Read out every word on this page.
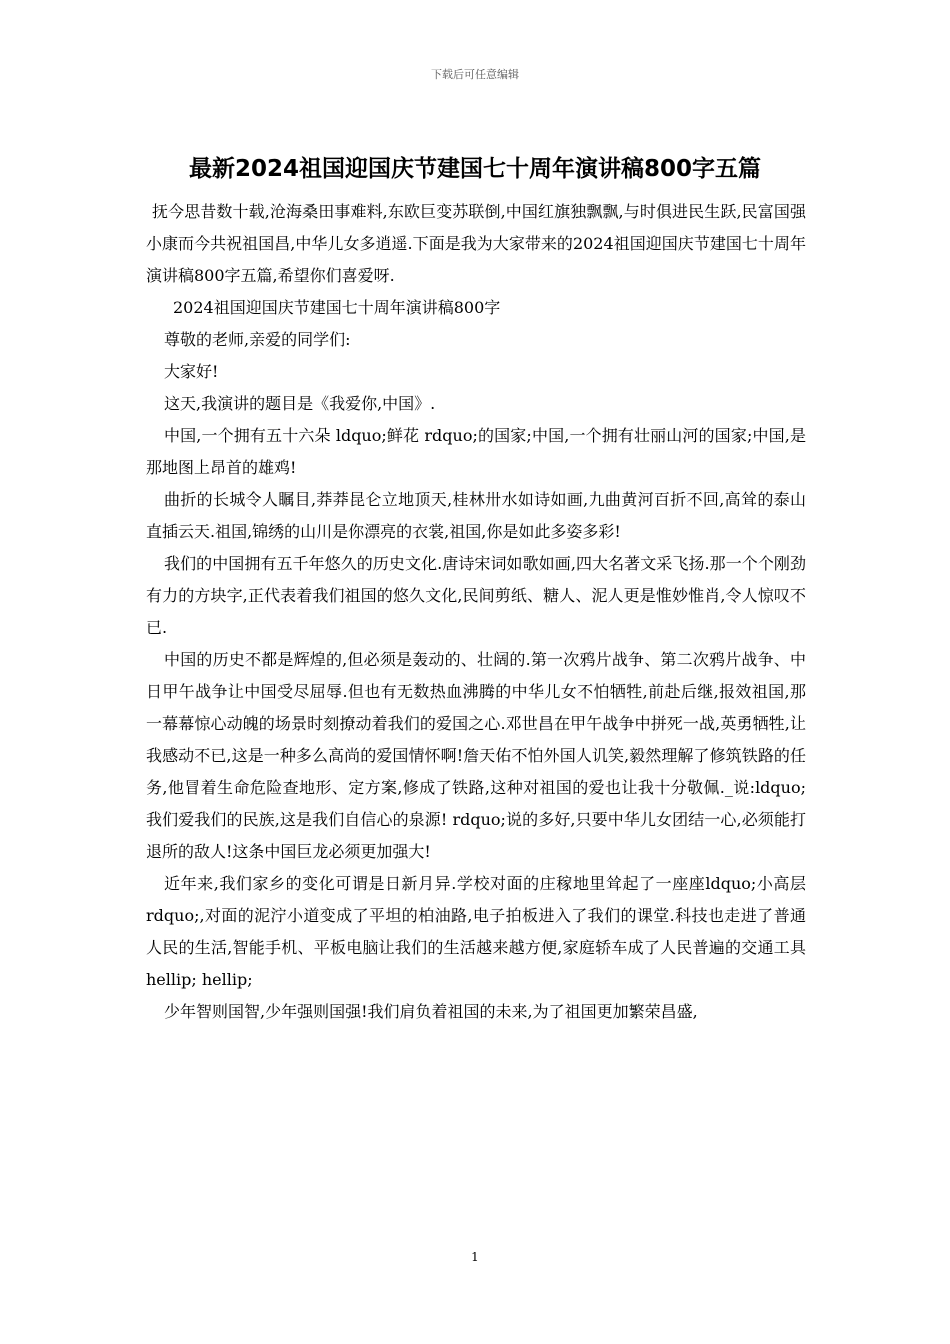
下载后可任意编辑
最新2024祖国迎国庆节建国七十周年演讲稿800字五篇

抚今思昔数十载,沧海桑田事难料,东欧巨变苏联倒,中国红旗独飘飘,与时俱进民生跃,民富国强小康而今共祝祖国昌,中华儿女多逍遥.下面是我为大家带来的2024祖国迎国庆节建国七十周年演讲稿800字五篇,希望你们喜爱呀.

2024祖国迎国庆节建国七十周年演讲稿800字

尊敬的老师,亲爱的同学们:

大家好!

这天,我演讲的题目是《我爱你,中国》.

中国,一个拥有五十六朵 ldquo;鲜花 rdquo;的国家;中国,一个拥有壮丽山河的国家;中国,是那地图上昂首的雄鸡!

曲折的长城令人瞩目,莽莽昆仑立地顶天,桂林卅水如诗如画,九曲黄河百折不回,高耸的泰山直插云天.祖国,锦绣的山川是你漂亮的衣裳,祖国,你是如此多姿多彩!

我们的中国拥有五千年悠久的历史文化.唐诗宋词如歌如画,四大名著文采飞扬.那一个个刚劲有力的方块字,正代表着我们祖国的悠久文化,民间剪纸、糖人、泥人更是惟妙惟肖,令人惊叹不已.

中国的历史不都是辉煌的,但必须是轰动的、壮阔的.第一次鸦片战争、第二次鸦片战争、中日甲午战争让中国受尽屈辱.但也有无数热血沸腾的中华儿女不怕牺牲,前赴后继,报效祖国,那一幕幕惊心动魄的场景时刻撩动着我们的爱国之心.邓世昌在甲午战争中拼死一战,英勇牺牲,让我感动不已,这是一种多么高尚的爱国情怀啊!詹天佑不怕外国人讥笑,毅然理解了修筑铁路的任务,他冒着生命危险查地形、定方案,修成了铁路,这种对祖国的爱也让我十分敬佩._说:ldquo;我们爱我们的民族,这是我们自信心的泉源! rdquo;说的多好,只要中华儿女团结一心,必须能打退所的敌人!这条中国巨龙必须更加强大!

近年来,我们家乡的变化可谓是日新月异.学校对面的庄稼地里耸起了一座座ldquo;小高层 rdquo;,对面的泥泞小道变成了平坦的柏油路,电子拍板进入了我们的课堂.科技也走进了普通人民的生活,智能手机、平板电脑让我们的生活越来越方便,家庭轿车成了人民普遍的交通工具 hellip; hellip;

少年智则国智,少年强则国强!我们肩负着祖国的未来,为了祖国更加繁荣昌盛,

1
